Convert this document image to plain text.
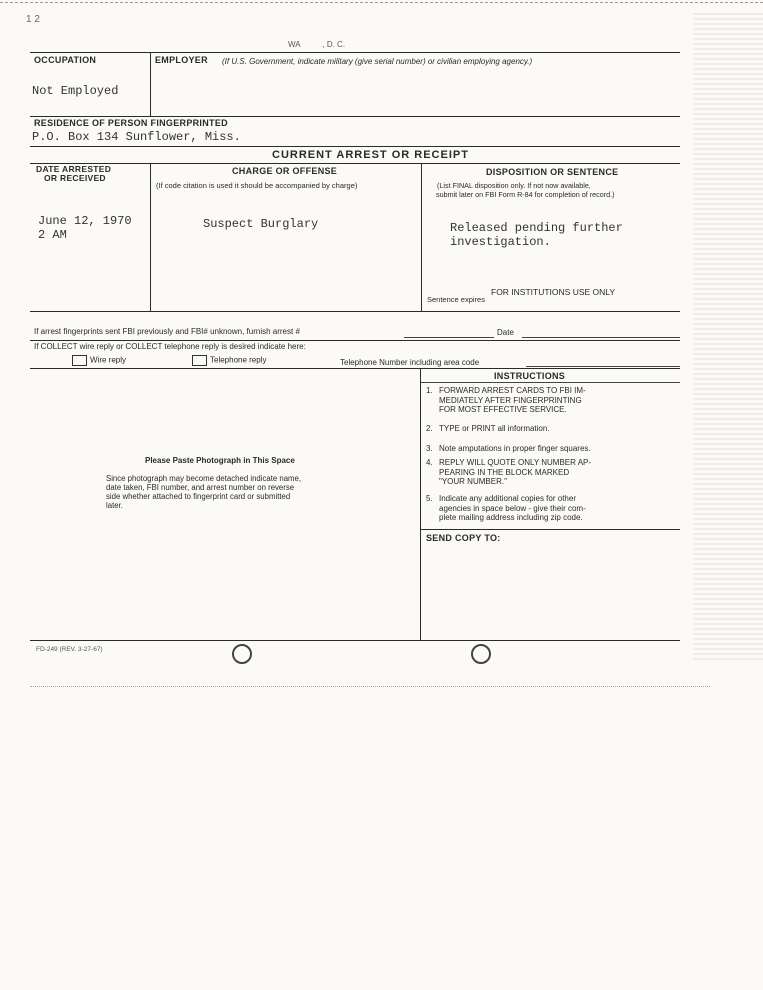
1 2
WA          , D. C.
OCCUPATION
Not Employed
EMPLOYER (If U.S. Government, indicate military (give serial number) or civilian employing agency.)
RESIDENCE OF PERSON FINGERPRINTED
P.O. Box 134 Sunflower, Miss.
CURRENT ARREST OR RECEIPT
DATE ARRESTED
OR RECEIVED
June 12, 1970
2 AM
CHARGE OR OFFENSE
(If code citation is used it should be accompanied by charge)
Suspect Burglary
DISPOSITION OR SENTENCE
(List FINAL disposition only. If not now available,
submit later on FBI Form R-84 for completion of record.)
Released pending further
investigation.
FOR INSTITUTIONS USE ONLY
Sentence expires
If arrest fingerprints sent FBI previously and FBI# unknown, furnish arrest #	Date
If COLLECT wire reply or COLLECT telephone reply is desired indicate here:
Wire reply	Telephone reply	Telephone Number including area code
Please Paste Photograph in This Space
Since photograph may become detached indicate name,
date taken, FBI number, and arrest number on reverse
side whether attached to fingerprint card or submitted
later.
INSTRUCTIONS
1. FORWARD ARREST CARDS TO FBI IM-
MEDIATELY AFTER FINGERPRINTING
FOR MOST EFFECTIVE SERVICE.
2. TYPE or PRINT all information.
3. Note amputations in proper finger squares.
4. REPLY WILL QUOTE ONLY NUMBER AP-
PEARING IN THE BLOCK MARKED
"YOUR NUMBER."
5. Indicate any additional copies for other
agencies in space below - give their com-
plete mailing address including zip code.
SEND COPY TO:
FD-249 (REV. 3-27-67)
